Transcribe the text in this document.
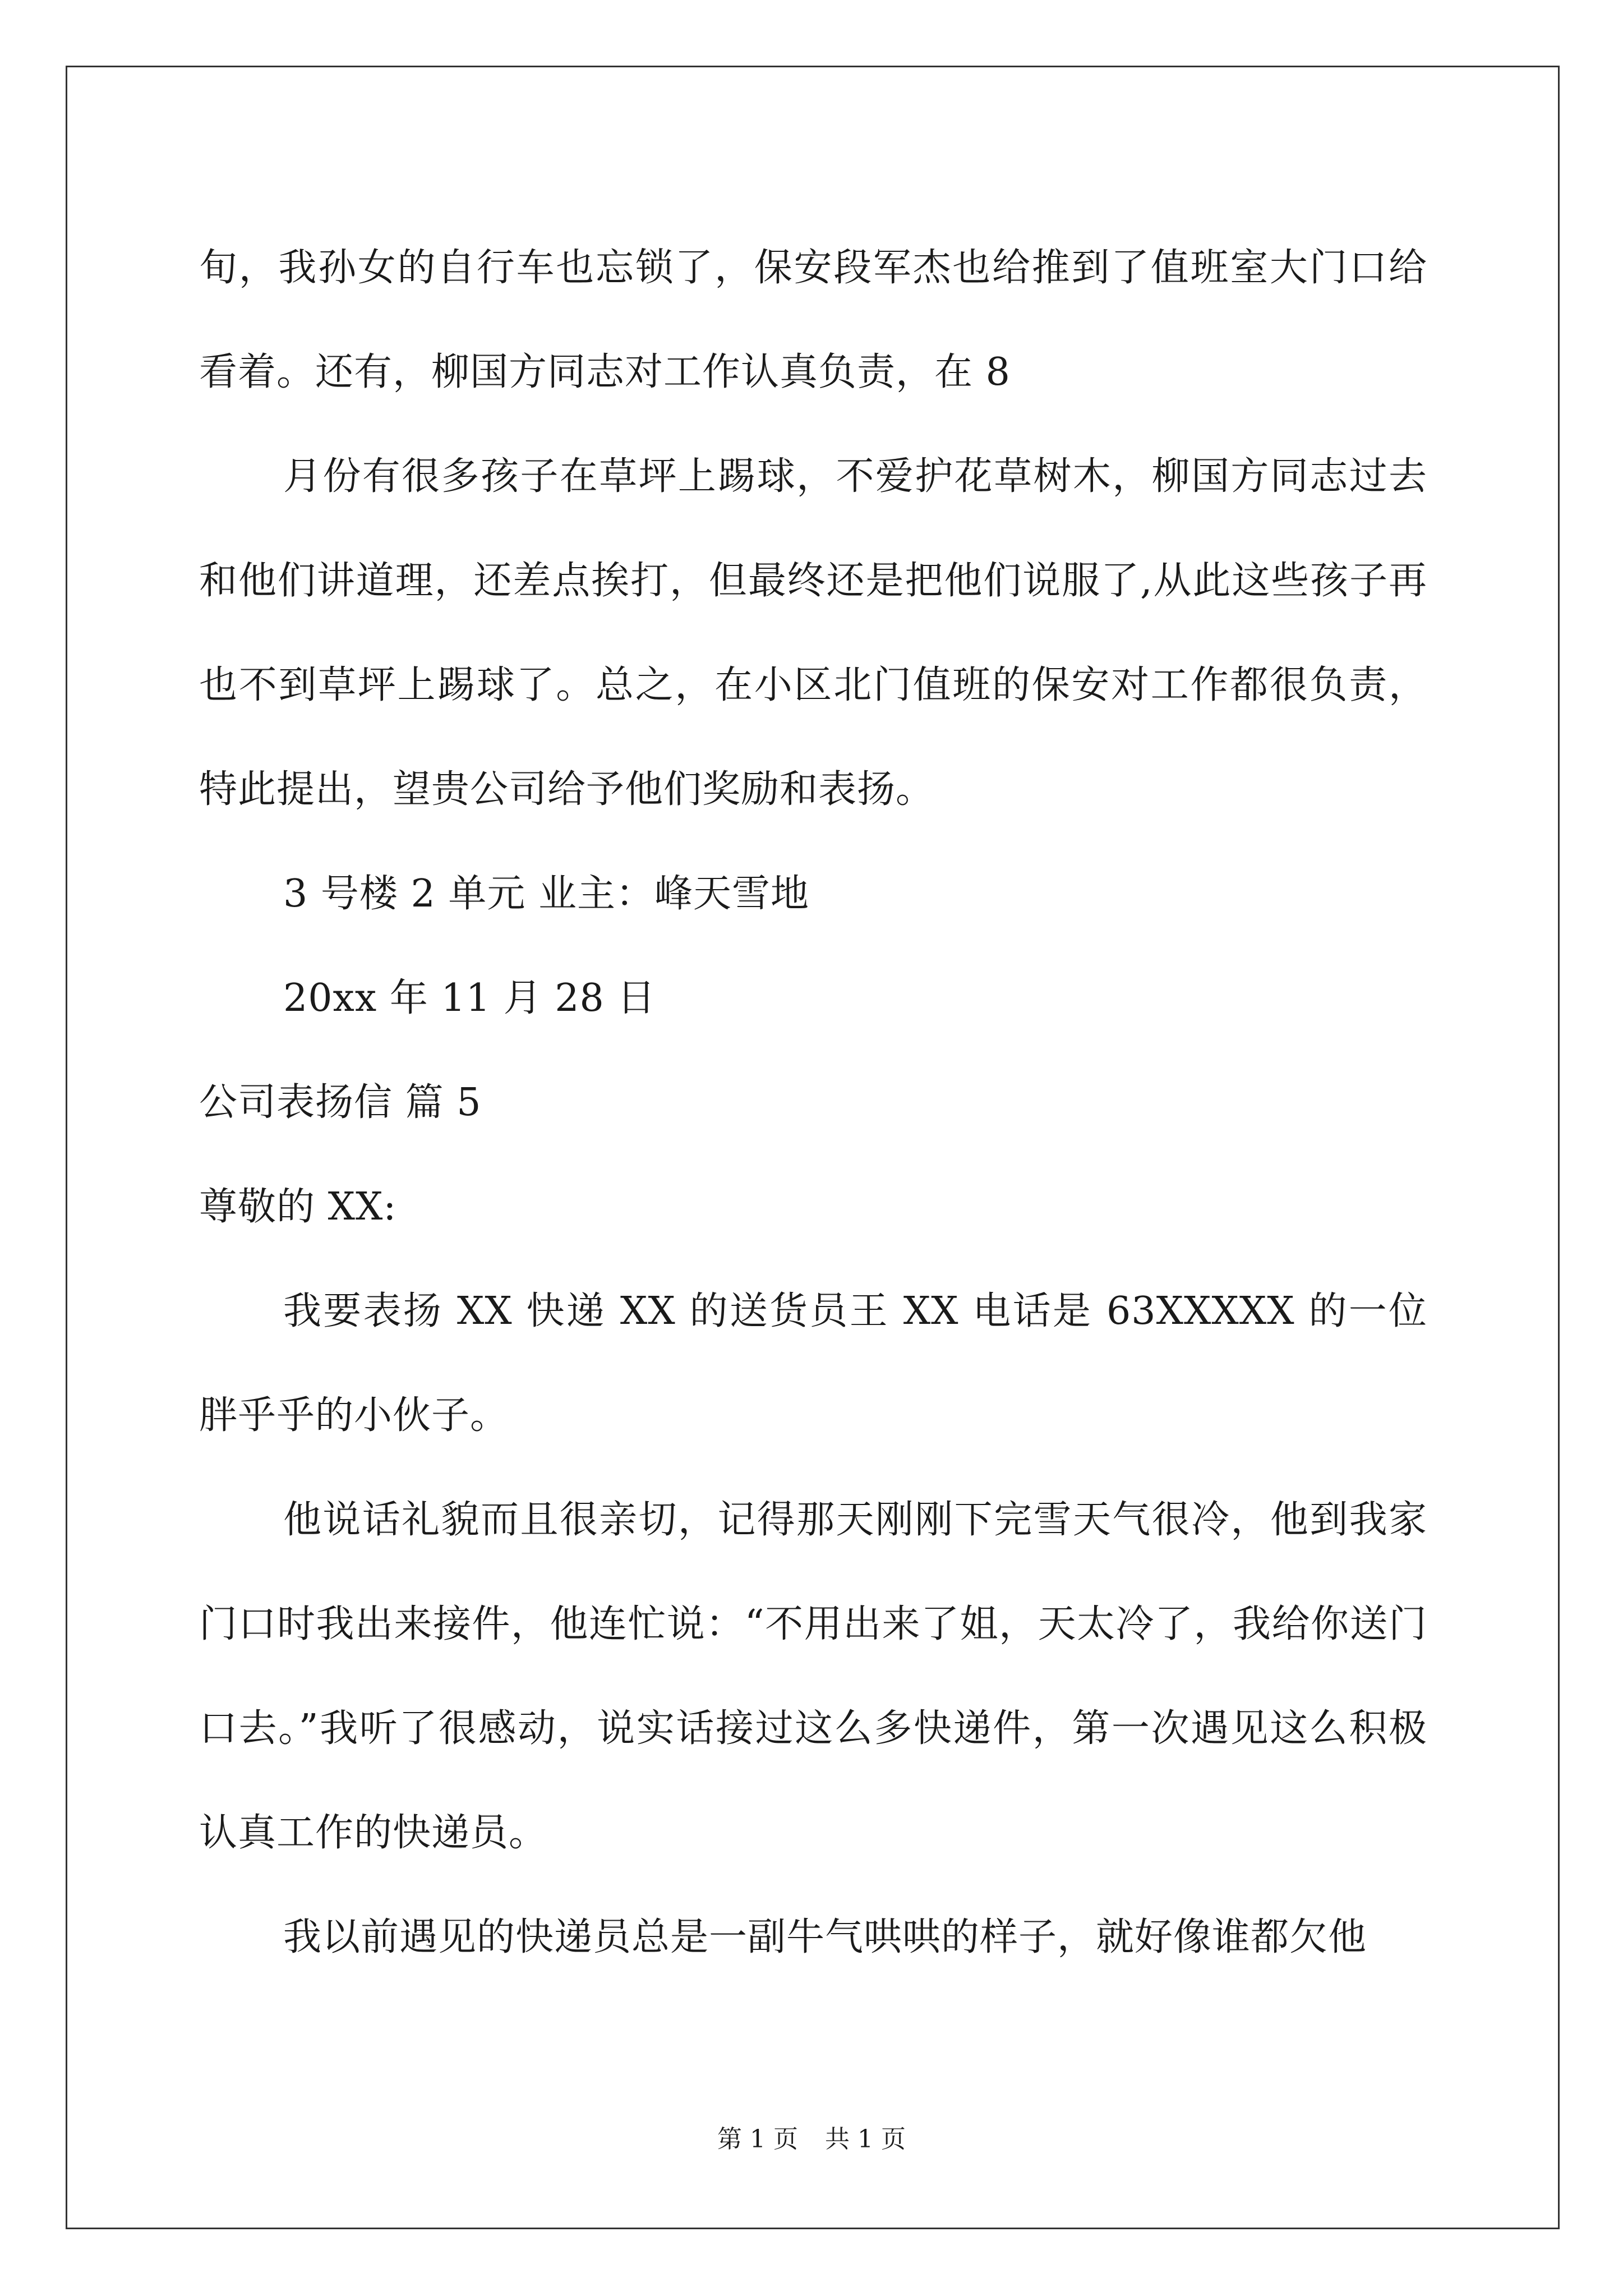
旬，我孙女的自行车也忘锁了，保安段军杰也给推到了值班室大门口给看着。还有，柳国方同志对工作认真负责，在 8

月份有很多孩子在草坪上踢球，不爱护花草树木，柳国方同志过去和他们讲道理，还差点挨打，但最终还是把他们说服了,从此这些孩子再也不到草坪上踢球了。总之，在小区北门值班的保安对工作都很负责，特此提出，望贵公司给予他们奖励和表扬。

3 号楼 2 单元 业主：峰天雪地

20xx 年 11 月 28 日

公司表扬信 篇 5

尊敬的 XX:

我要表扬 XX 快递 XX 的送货员王 XX 电话是 63XXXXX 的一位胖乎乎的小伙子。

他说话礼貌而且很亲切，记得那天刚刚下完雪天气很冷，他到我家门口时我出来接件，他连忙说：“不用出来了姐，天太冷了，我给你送门口去。”我听了很感动，说实话接过这么多快递件，第一次遇见这么积极认真工作的快递员。

我以前遇见的快递员总是一副牛气哄哄的样子，就好像谁都欠他

第 1 页 共 1 页
